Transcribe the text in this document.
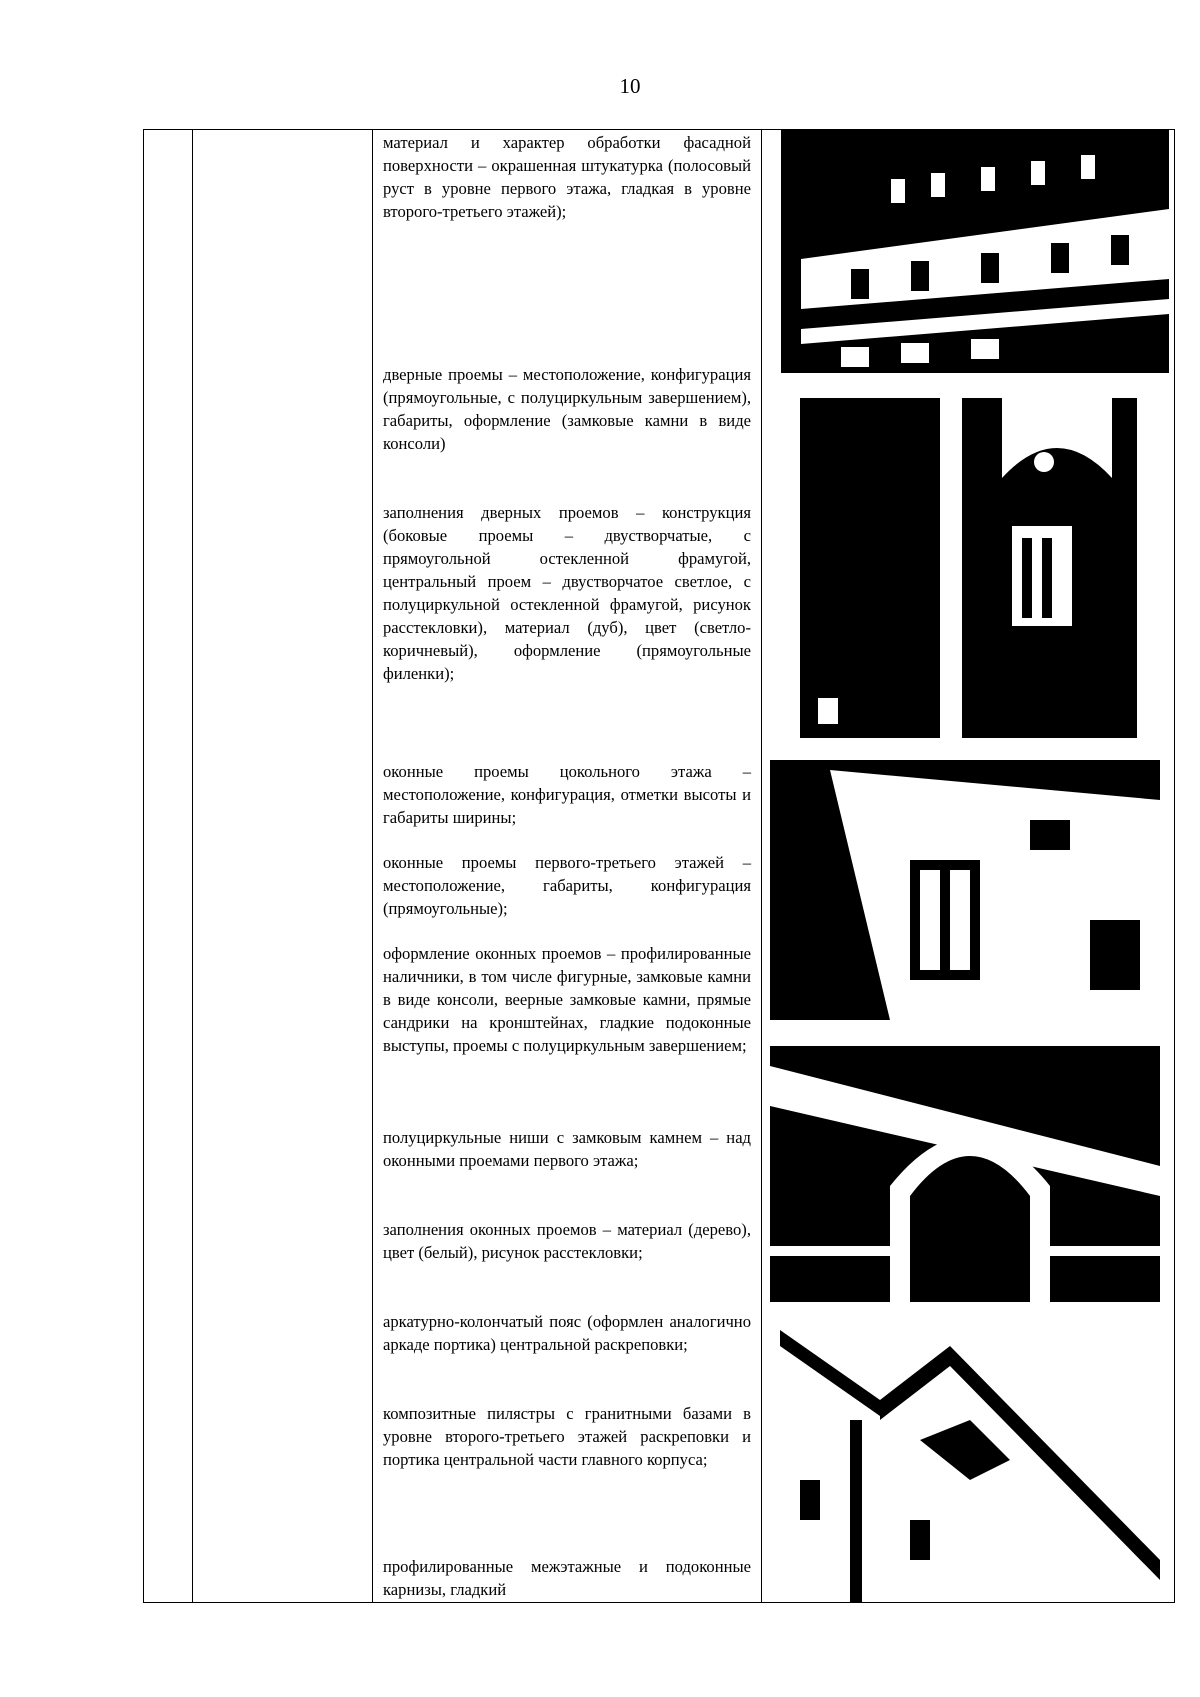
10

материал и характер обработки фасадной поверхности – окрашенная штукатурка (полосовый руст в уровне первого этажа, гладкая в уровне второго-третьего этажей);

дверные проемы – местоположение, конфигурация (прямоугольные, с полуциркульным завершением), габариты, оформление (замковые камни в виде консоли)

заполнения дверных проемов – конструкция (боковые проемы – двустворчатые, с прямоугольной остекленной фрамугой, центральный проем – двустворчатое светлое, с полуциркульной остекленной фрамугой, рисунок расстекловки), материал (дуб), цвет (светло-коричневый), оформление (прямоугольные филенки);

оконные проемы цокольного этажа – местоположение, конфигурация, отметки высоты и габариты ширины;

оконные проемы первого-третьего этажей – местоположение, габариты, конфигурация (прямоугольные);

оформление оконных проемов – профилированные наличники, в том числе фигурные, замковые камни в виде консоли, веерные замковые камни, прямые сандрики на кронштейнах, гладкие подоконные выступы, проемы с полуциркульным завершением;

полуциркульные ниши с замковым камнем – над оконными проемами первого этажа;

заполнения оконных проемов – материал (дерево), цвет (белый), рисунок расстекловки;

аркатурно-колончатый пояс (оформлен аналогично аркаде портика) центральной раскреповки;

композитные пилястры с гранитными базами в уровне второго-третьего этажей раскреповки и портика центральной части главного корпуса;

профилированные межэтажные и подоконные карнизы, гладкий
